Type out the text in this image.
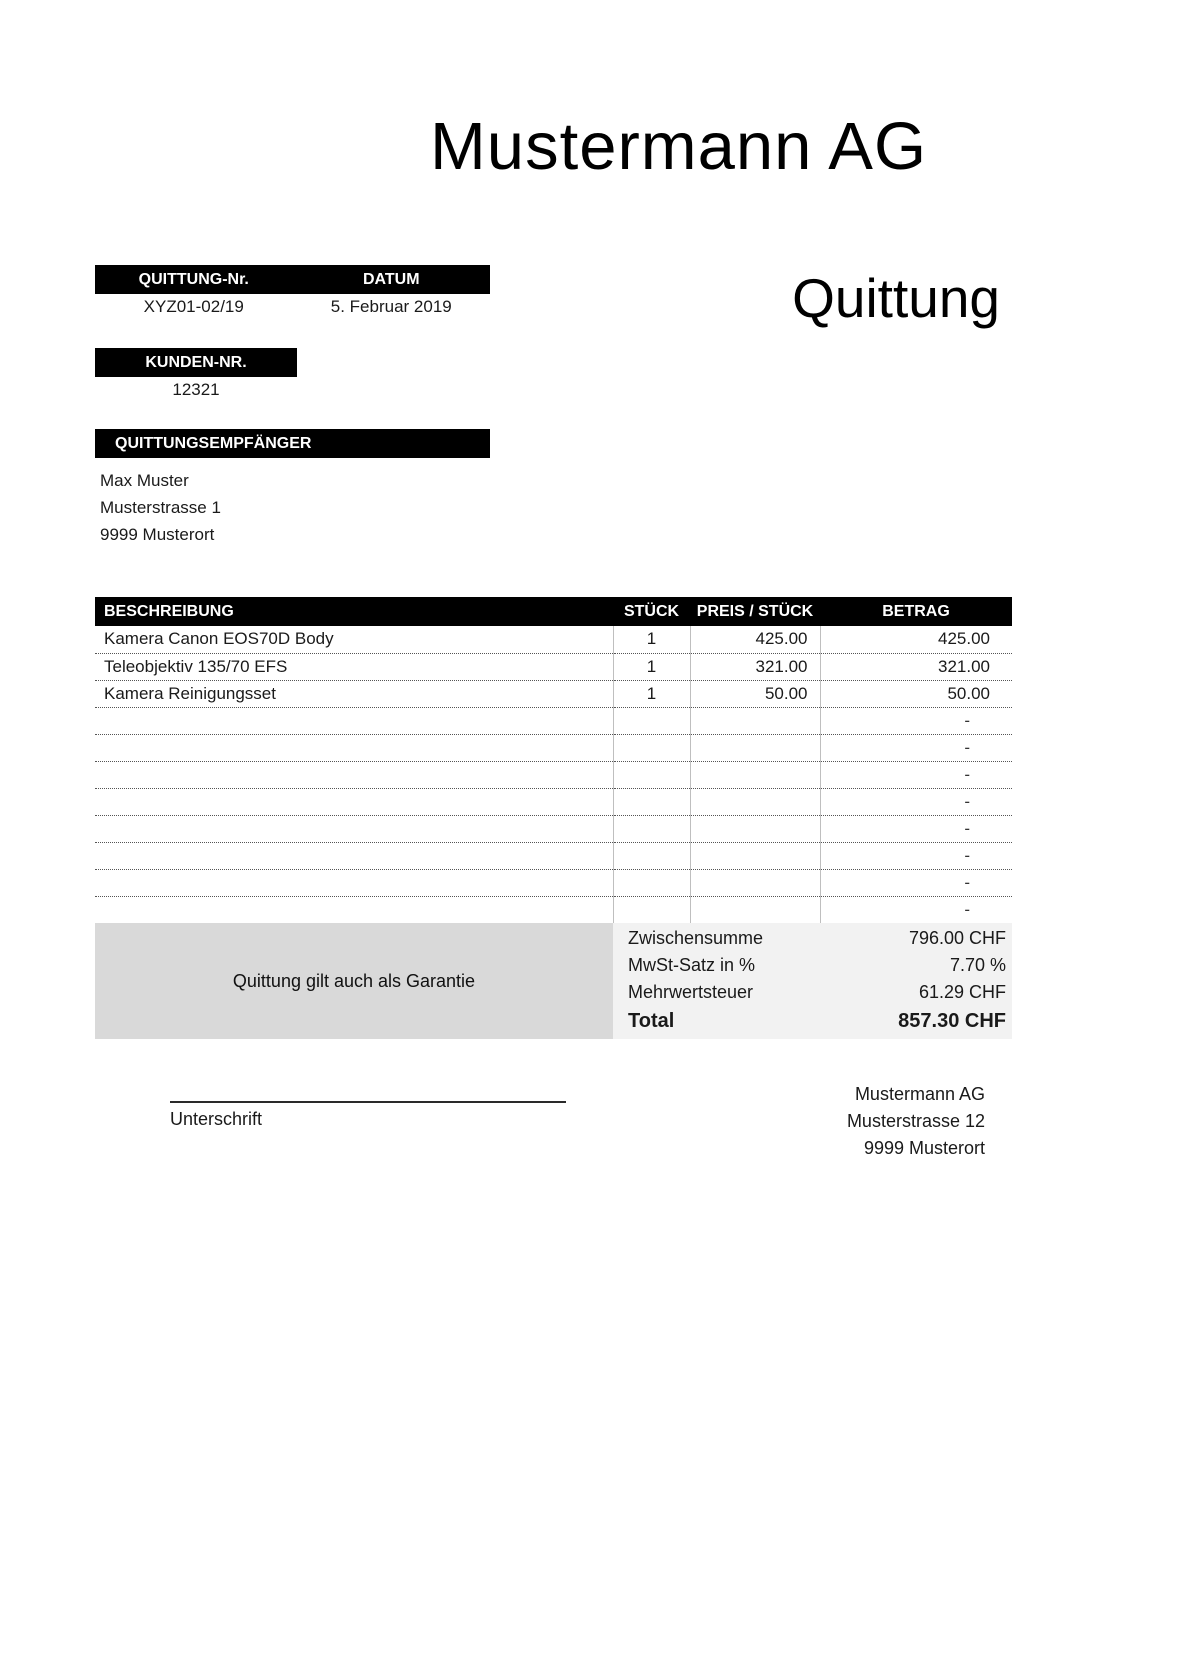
Mustermann AG
Quittung
QUITTUNG-Nr.	DATUM
XYZ01-02/19	5. Februar 2019
KUNDEN-NR.
12321
QUITTUNGSEMPFÄNGER
Max Muster
Musterstrasse 1
9999 Musterort
BESCHREIBUNG	STÜCK	PREIS / STÜCK	BETRAG
Kamera Canon EOS70D Body	1	425.00	425.00
Teleobjektiv 135/70 EFS	1	321.00	321.00
Kamera Reinigungsset	1	50.00	50.00
			-
			-
			-
			-
			-
			-
			-
			-
Quittung gilt auch als Garantie
Zwischensumme	796.00 CHF
MwSt-Satz in %	7.70 %
Mehrwertsteuer	61.29 CHF
Total	857.30 CHF
Unterschrift
Mustermann AG
Musterstrasse 12
9999 Musterort
